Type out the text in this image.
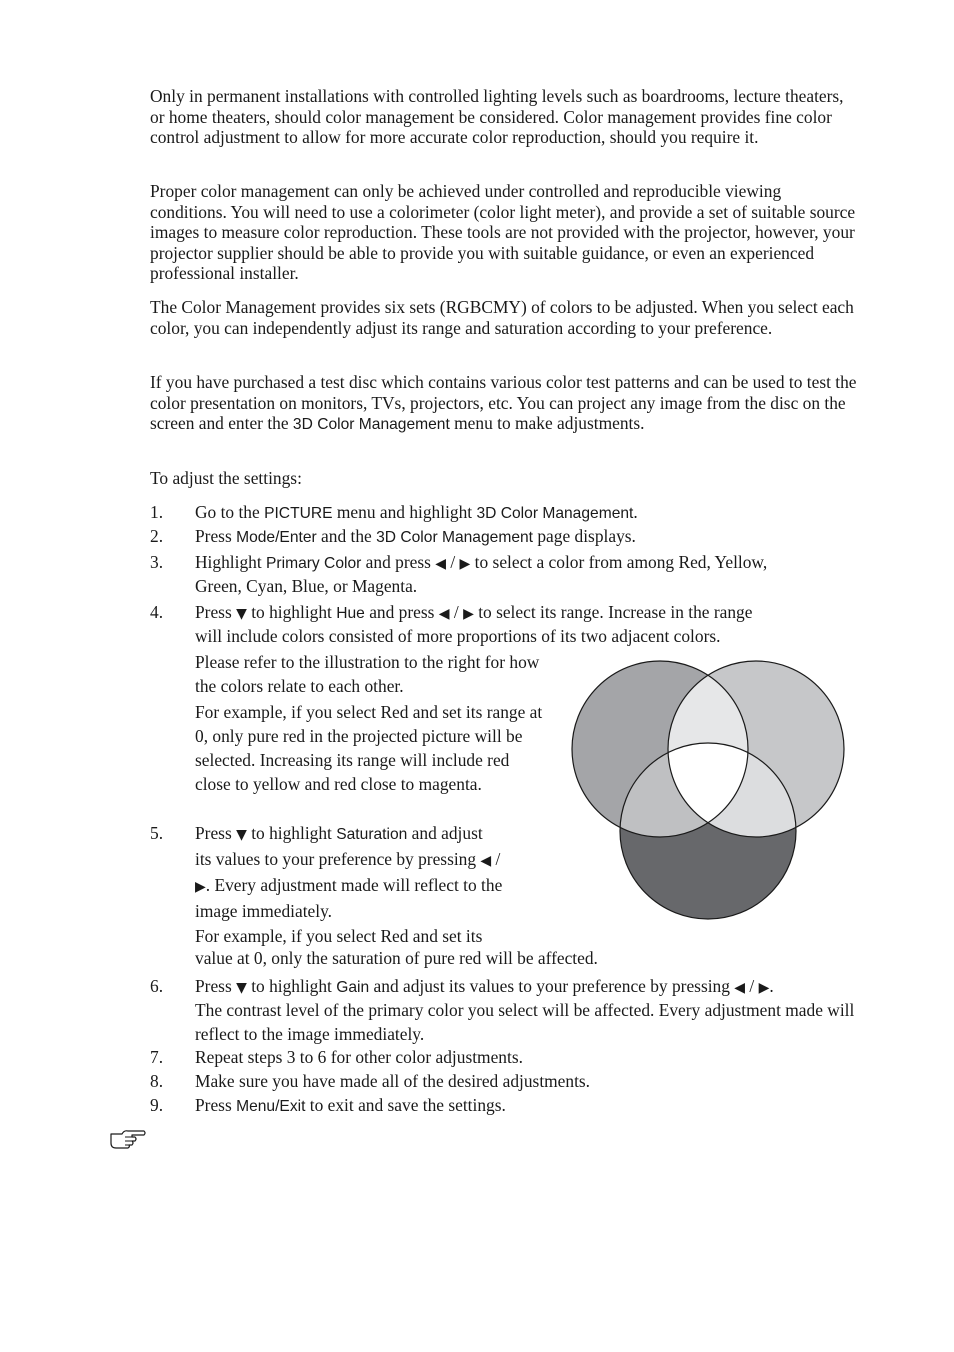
Only in permanent installations with controlled lighting levels such as boardrooms, lecture theaters, or home theaters, should color management be considered. Color management provides fine color control adjustment to allow for more accurate color reproduction, should you require it.

Proper color management can only be achieved under controlled and reproducible viewing conditions. You will need to use a colorimeter (color light meter), and provide a set of suitable source images to measure color reproduction. These tools are not provided with the projector, however, your projector supplier should be able to provide you with suitable guidance, or even an experienced professional installer.

The Color Management provides six sets (RGBCMY) of colors to be adjusted. When you select each color, you can independently adjust its range and saturation according to your preference.

If you have purchased a test disc which contains various color test patterns and can be used to test the color presentation on monitors, TVs, projectors, etc. You can project any image from the disc on the screen and enter the 3D Color Management menu to make adjustments.

To adjust the settings:

1. Go to the PICTURE menu and highlight 3D Color Management.
2. Press Mode/Enter and the 3D Color Management page displays.
3. Highlight Primary Color and press ◀ / ▶ to select a color from among Red, Yellow,
Green, Cyan, Blue, or Magenta.
4. Press ▼ to highlight Hue and press ◀ / ▶ to select its range. Increase in the range
will include colors consisted of more proportions of its two adjacent colors.
Please refer to the illustration to the right for how the colors relate to each other.
For example, if you select Red and set its range at 0, only pure red in the projected picture will be selected. Increasing its range will include red close to yellow and red close to magenta.
5. Press ▼ to highlight Saturation and adjust
its values to your preference by pressing ◀ /
▶. Every adjustment made will reflect to the image immediately.
For example, if you select Red and set its
value at 0, only the saturation of pure red will be affected.
6. Press ▼ to highlight Gain and adjust its values to your preference by pressing ◀ / ▶.
The contrast level of the primary color you select will be affected. Every adjustment made will reflect to the image immediately.
7. Repeat steps 3 to 6 for other color adjustments.
8. Make sure you have made all of the desired adjustments.
9. Press Menu/Exit to exit and save the settings.
